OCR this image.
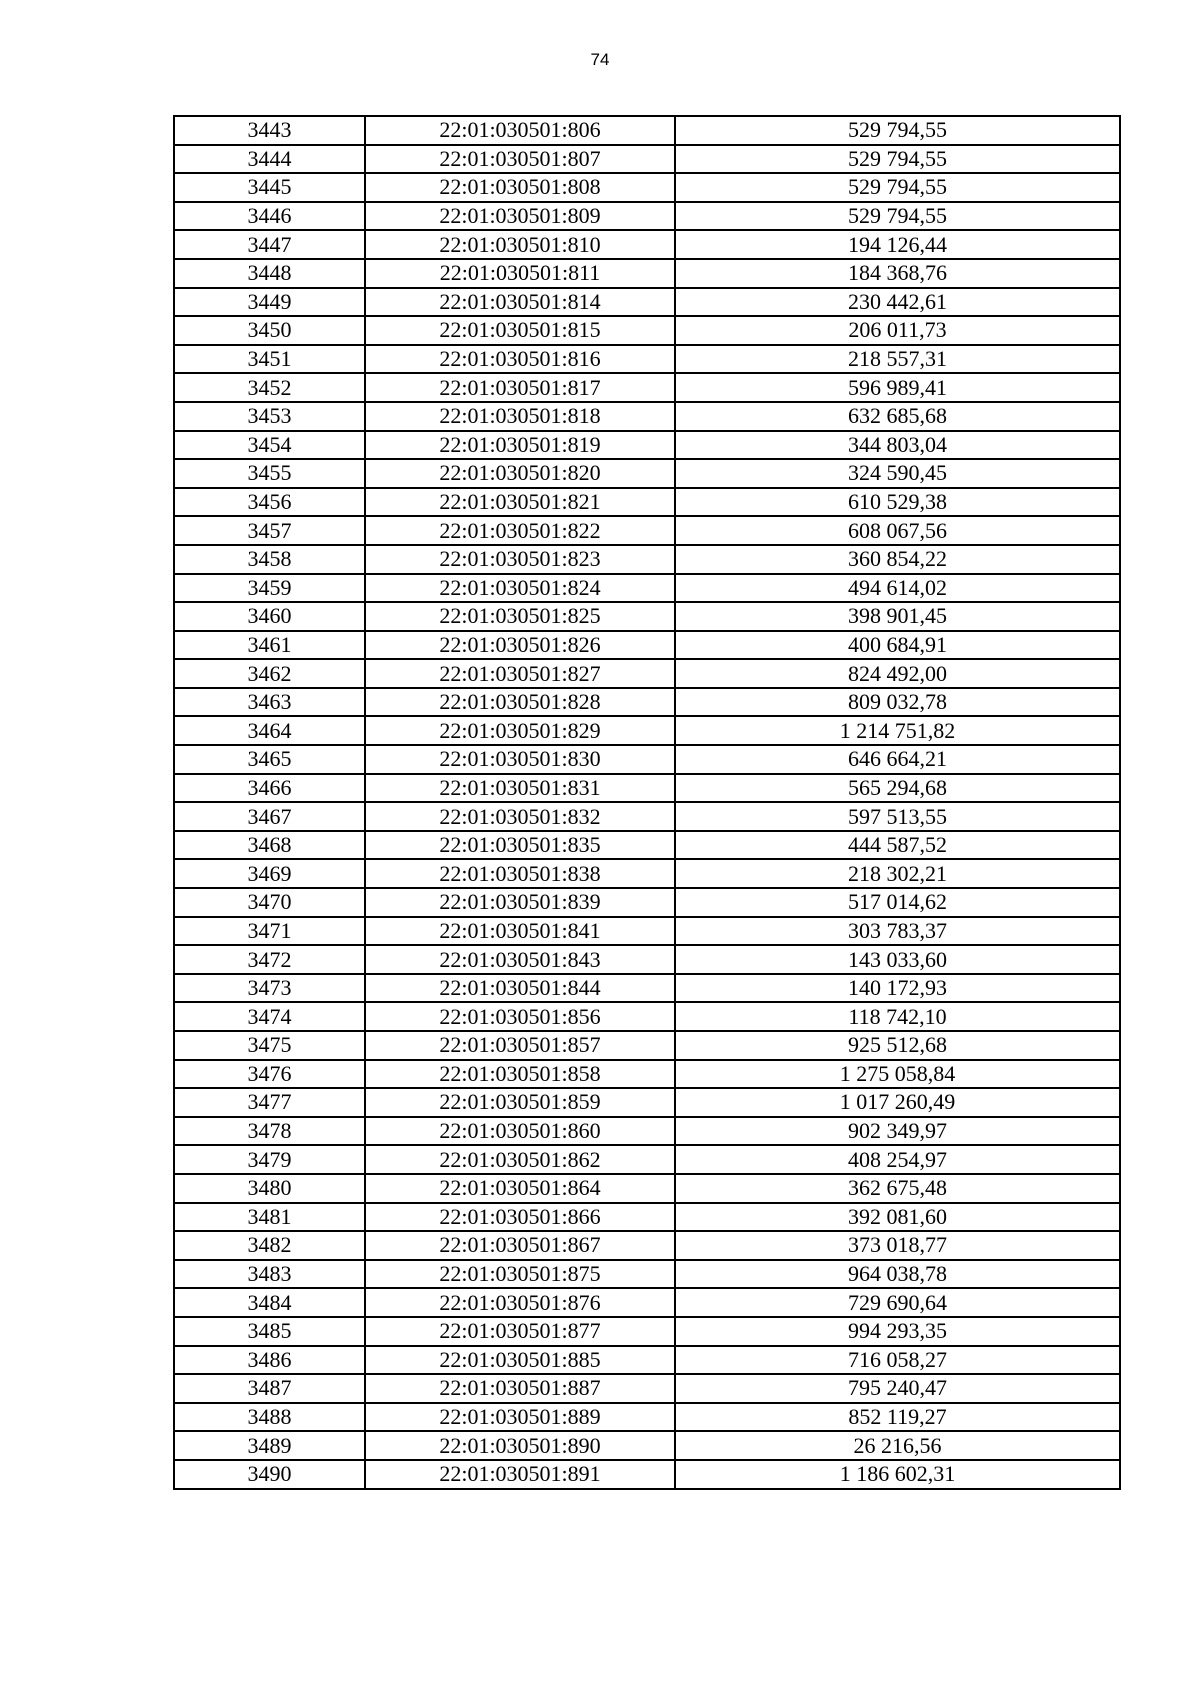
74
3443	22:01:030501:806	529 794,55
3444	22:01:030501:807	529 794,55
3445	22:01:030501:808	529 794,55
3446	22:01:030501:809	529 794,55
3447	22:01:030501:810	194 126,44
3448	22:01:030501:811	184 368,76
3449	22:01:030501:814	230 442,61
3450	22:01:030501:815	206 011,73
3451	22:01:030501:816	218 557,31
3452	22:01:030501:817	596 989,41
3453	22:01:030501:818	632 685,68
3454	22:01:030501:819	344 803,04
3455	22:01:030501:820	324 590,45
3456	22:01:030501:821	610 529,38
3457	22:01:030501:822	608 067,56
3458	22:01:030501:823	360 854,22
3459	22:01:030501:824	494 614,02
3460	22:01:030501:825	398 901,45
3461	22:01:030501:826	400 684,91
3462	22:01:030501:827	824 492,00
3463	22:01:030501:828	809 032,78
3464	22:01:030501:829	1 214 751,82
3465	22:01:030501:830	646 664,21
3466	22:01:030501:831	565 294,68
3467	22:01:030501:832	597 513,55
3468	22:01:030501:835	444 587,52
3469	22:01:030501:838	218 302,21
3470	22:01:030501:839	517 014,62
3471	22:01:030501:841	303 783,37
3472	22:01:030501:843	143 033,60
3473	22:01:030501:844	140 172,93
3474	22:01:030501:856	118 742,10
3475	22:01:030501:857	925 512,68
3476	22:01:030501:858	1 275 058,84
3477	22:01:030501:859	1 017 260,49
3478	22:01:030501:860	902 349,97
3479	22:01:030501:862	408 254,97
3480	22:01:030501:864	362 675,48
3481	22:01:030501:866	392 081,60
3482	22:01:030501:867	373 018,77
3483	22:01:030501:875	964 038,78
3484	22:01:030501:876	729 690,64
3485	22:01:030501:877	994 293,35
3486	22:01:030501:885	716 058,27
3487	22:01:030501:887	795 240,47
3488	22:01:030501:889	852 119,27
3489	22:01:030501:890	26 216,56
3490	22:01:030501:891	1 186 602,31
